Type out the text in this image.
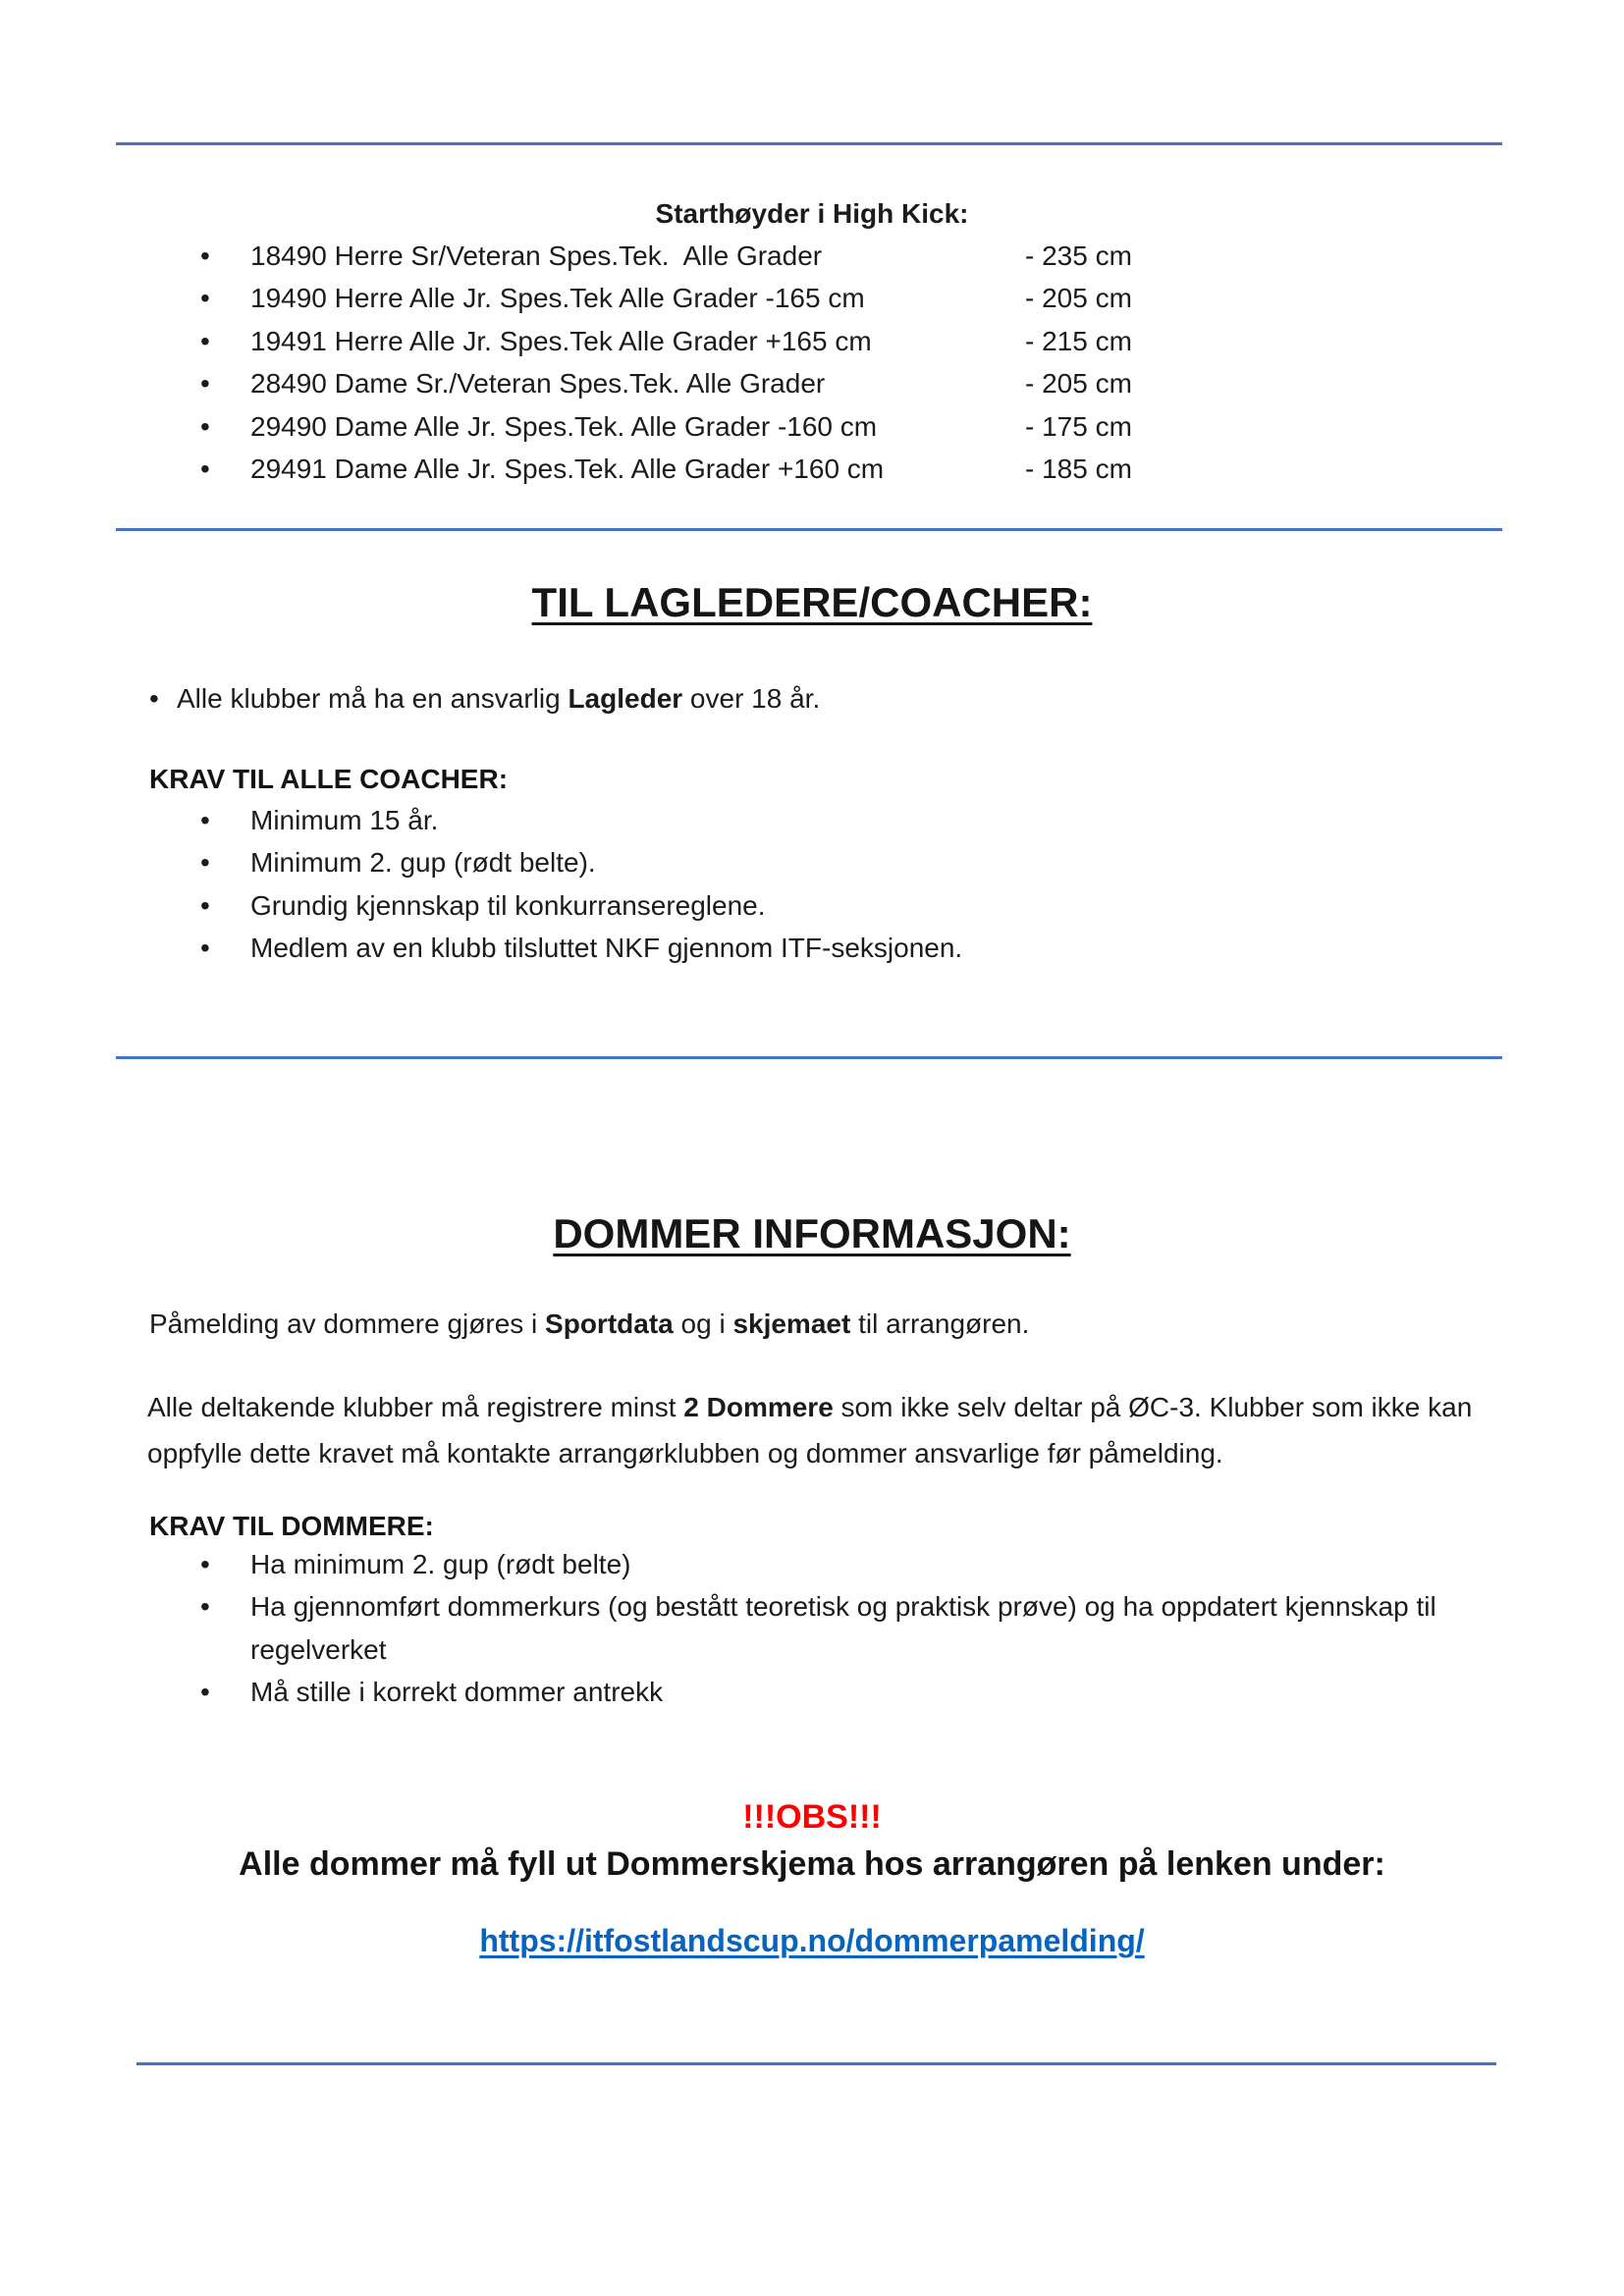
Starthøyder i High Kick:
• 18490 Herre Sr/Veteran Spes.Tek.  Alle Grader	- 235 cm
• 19490 Herre Alle Jr. Spes.Tek Alle Grader -165 cm	- 205 cm
• 19491 Herre Alle Jr. Spes.Tek Alle Grader +165 cm	- 215 cm
• 28490 Dame Sr./Veteran Spes.Tek. Alle Grader	- 205 cm
• 29490 Dame Alle Jr. Spes.Tek. Alle Grader -160 cm	- 175 cm
• 29491 Dame Alle Jr. Spes.Tek. Alle Grader +160 cm	- 185 cm
TIL LAGLEDERE/COACHER:
• Alle klubber må ha en ansvarlig Lagleder over 18 år.
KRAV TIL ALLE COACHER:
•	Minimum 15 år.
•	Minimum 2. gup (rødt belte).
•	Grundig kjennskap til konkurransereglene.
•	Medlem av en klubb tilsluttet NKF gjennom ITF-seksjonen.
DOMMER INFORMASJON:
Påmelding av dommere gjøres i Sportdata og i skjemaet til arrangøren.
Alle deltakende klubber må registrere minst 2 Dommere som ikke selv deltar på ØC-3. Klubber som ikke kan oppfylle dette kravet må kontakte arrangørklubben og dommer ansvarlige før påmelding.
KRAV TIL DOMMERE:
•	Ha minimum 2. gup (rødt belte)
•	Ha gjennomført dommerkurs (og bestått teoretisk og praktisk prøve) og ha oppdatert kjennskap til regelverket
•	Må stille i korrekt dommer antrekk
!!!OBS!!!
Alle dommer må fyll ut Dommerskjema hos arrangøren på lenken under:
https://itfostlandscup.no/dommerpamelding/
